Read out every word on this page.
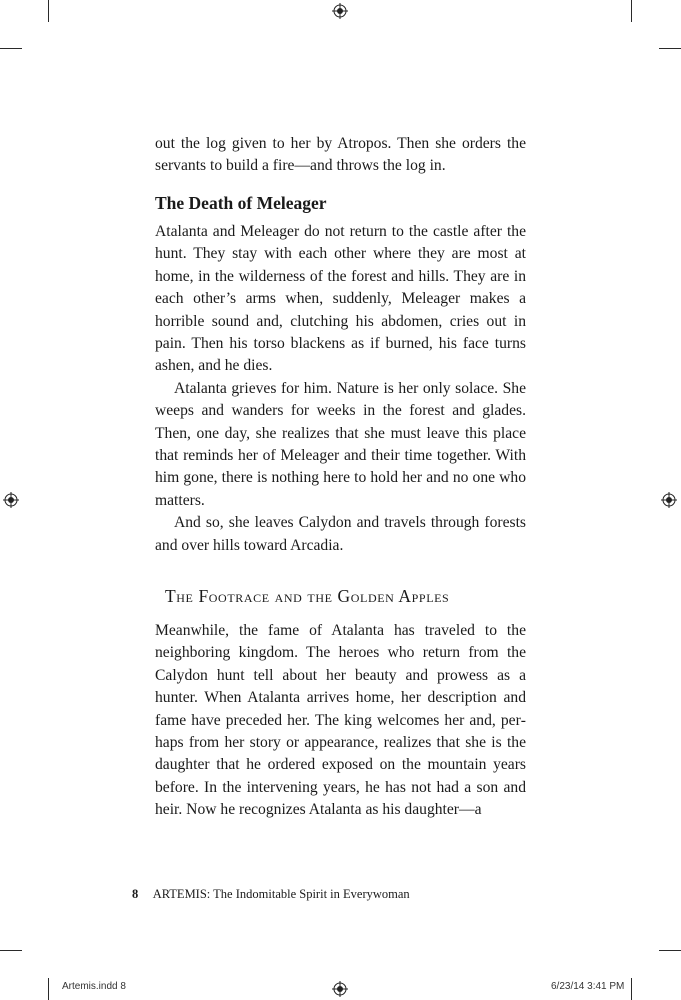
out the log given to her by Atropos. Then she orders the servants to build a fire—and throws the log in.

The Death of Meleager

Atalanta and Meleager do not return to the castle after the hunt. They stay with each other where they are most at home, in the wilderness of the forest and hills. They are in each other’s arms when, suddenly, Meleager makes a horrible sound and, clutching his abdomen, cries out in pain. Then his torso blackens as if burned, his face turns ashen, and he dies.

Atalanta grieves for him. Nature is her only solace. She weeps and wanders for weeks in the forest and glades. Then, one day, she realizes that she must leave this place that reminds her of Meleager and their time together. With him gone, there is nothing here to hold her and no one who matters.

And so, she leaves Calydon and travels through forests and over hills toward Arcadia.

The Footrace and the Golden Apples

Meanwhile, the fame of Atalanta has traveled to the neighboring kingdom. The heroes who return from the Calydon hunt tell about her beauty and prowess as a hunter. When Atalanta arrives home, her description and fame have preceded her. The king welcomes her and, perhaps from her story or appearance, realizes that she is the daughter that he ordered exposed on the mountain years before. In the intervening years, he has not had a son and heir. Now he recognizes Atalanta as his daughter—a

8 ARTEMIS: The Indomitable Spirit in Everywoman
Artemis.indd 8	6/23/14 3:41 PM
